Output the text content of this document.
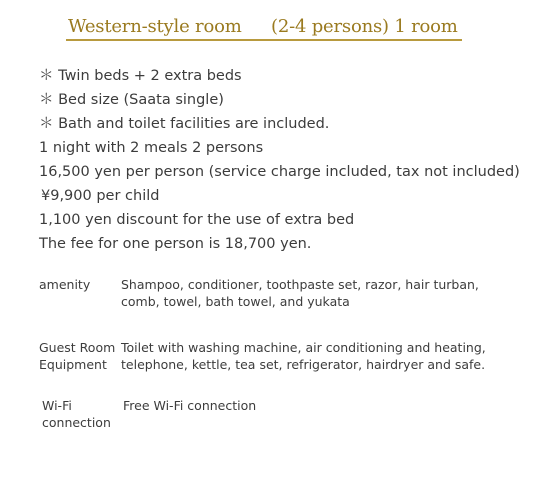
Western-style room

(2-4 persons) 1 room

＊ Twin beds + 2 extra beds
＊ Bed size (Saata single)
＊ Bath and toilet facilities are included.
1 night with 2 meals 2 persons
16,500 yen per person (service charge included, tax not included)
¥9,900 per child
1,100 yen discount for the use of extra bed
The fee for one person is 18,700 yen.
amenity	Shampoo, conditioner, toothpaste set, razor, hair turban, comb, towel, bath towel, and yukata
Guest Room Equipment
Toilet with washing machine, air conditioning and heating, telephone, kettle, tea set, refrigerator, hairdryer and safe.
Wi-Fi connection
Free Wi-Fi connection
